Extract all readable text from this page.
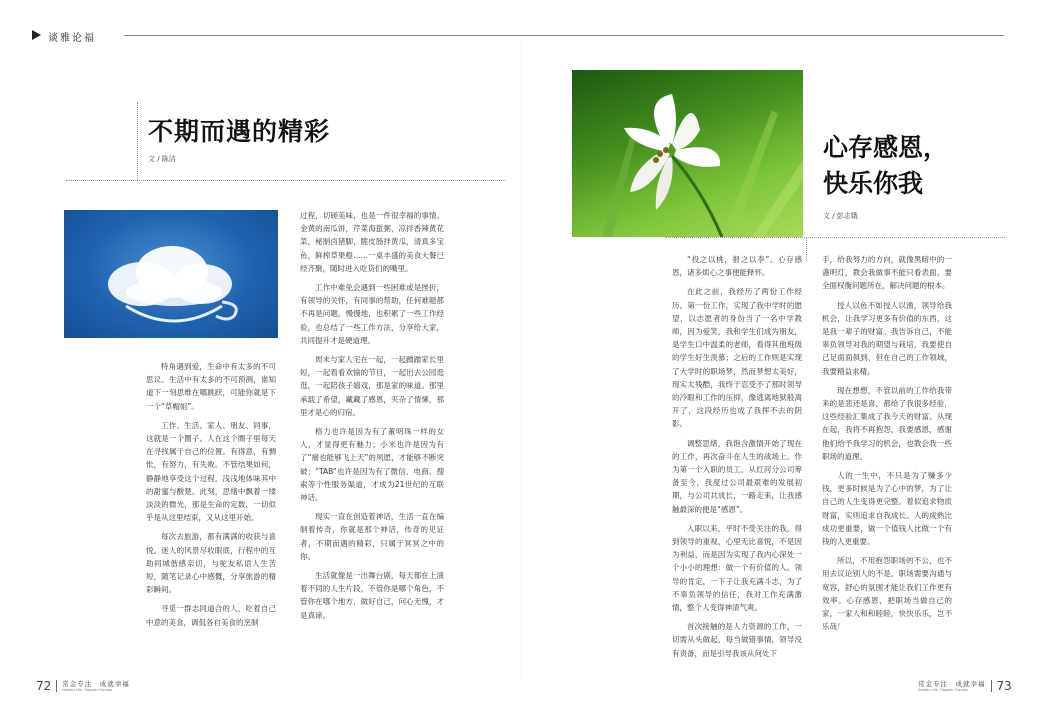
谈雅论福
不期而遇的精彩
文 / 陈洁

特角遇到爱，生命中有太多的不可思议。生活中有太多的不可预测，谁知道下一刻思维在哪跳跃，可能你就是下一个“草帽姐”。

工作、生活、家人、朋友、同事，这就是一个圈子。人在这个圈子里每天在寻找属于自己的位置。有得意，有惆怅，有努力，有失败。不管结果如何，静静地享受这个过程，浅浅地体味其中的甜蜜与酸楚。此刻，思绪中飘着一缕淡淡的微光，那是生命的定数，一切似乎是从这里结束，又从这里开始。

每次去旅游，都有满满的收获与喜悦。迷人的风景尽收眼底，行程中的互助同城偕感亲切，与驼友私语人生苦短，随笔记录心中感慨，分享旅游的精彩瞬间。

寻觅一群志同道合的人，吃着自己中意的美食，调侃各自美食的烹制

过程，切磋美味，也是一件很幸福的事情。金黄的南瓜饼，芹菜海蜇粥，凉拌香辣黄花菜，秘制卤猪脚，脆皮肠拌黄瓜，清真多宝鱼，鲜榨草果橙……一桌丰盛的美食大餐已经齐聚，随时进入吃货们的嘴里。

工作中难免会遇到一些困难或是挫折，有领导的关怀，有同事的帮助，任何难题都不再是问题。慢慢地，也积累了一些工作经验，也总结了一些工作方法，分享给大家，共同提升才是硬道理。

周末与家人宅在一起，一起蹭蹭家长里短，一起看看欢愉的节目，一起出去公园逛逛，一起陪孩子嬉戏，那是家的味道。那里承载了希望，藏藏了感恩，夹杂了情愫，那里才是心的归宿。

格力也许是因为有了董明珠一样的女人，才显得更有魅力；小米也许是因为有了“痛也能够飞上天”的夙愿，才能够不断突破；“TAB”也许是因为有了微信、电商、搜索等个性服务渠道，才成为21世纪的互联神话。

现实一直在创造着神话，生活一直在编制着传奇，你就是那个神话，传奇的见证者，不期而遇的精彩，只属于冥冥之中的你。

生活就像是一出舞台剧，每天都在上演着不同的人生片段，不管你是哪个角色，不管你在哪个地方，做好自己，问心无愧，才是真谛。

心存感恩，
快乐你我
文 / 彭志娥

“投之以桃，报之以李”。心存感恩，诸多烦心之事便能释怀。

在此之前，我经历了两份工作经历。第一份工作，实现了我中学时的愿望，以志愿者的身份当了一名中学教师，因为爱笑，我和学生们成为朋友，是学生口中温柔的老师，看得其他班级的学生好生羡慕；之后的工作则是实现了大学时的职场梦，然而梦想太美好，现实太残酷，我终于忍受不了那时领导的冷眼和工作的压抑，像逃离地狱般离开了，这段经历也成了我挥不去的阴影。

调整思绪，我饱含激情开始了现在的工作，再次奋斗在人生的战场上。作为第一个入职的员工，从红河分公司筹备至今，我度过公司最艰难的发展初期，与公司共成长，一路走来，让我感触最深的便是“感恩”。

入职以来，平时不受关注的我，得到领导的重视，心里无比喜悦，不是因为利益，而是因为实现了我内心深处一个小小的理想：做一个有价值的人。领导的肯定，一下子让我充满斗志，为了不辜负领导的信任，我对工作充满激情，整个人变得神清气爽。

首次接触的是人力资源的工作，一切需从头做起，每当做错事情，领导没有责备，而是引导我该从何处下

手，给我努力的方向，就像黑暗中的一盏明灯，教会我做事不能只看表面，要全面权衡问题所在，解决问题的根本。

授人以鱼不如授人以渔，领导给我机会，让我学习更多有价值的东西，这是我一辈子的财富。我告诉自己，不能辜负领导对我的期望与栽培，我要使自己足面面俱到，但在自己的工作领域，我要精益求精。

现在想想，不管以前的工作给我带来的是悲还是喜，都给了我很多经验，这些经验汇集成了我今天的财富。从现在起，我将不再抱怨，我要感恩，感谢他们给予我学习的机会，也教会我一些职场的道理。

人的一生中，不只是为了赚多少钱，更多时候是为了心中的梦，为了让自己的人生变得更完整。着似追求物质财富，实则追求自我成长。人的成熟比成功更重要，做一个值钱人比做一个有钱的人更重要。

所以，不用抱怨职场的不公，也不用去议论别人的不是，职场需要沟通与宽容，舒心的氛围才能让我们工作更有效率。心存感恩，把职场当做自己的家，一家人和和睦睦，快快乐乐，岂不乐哉！

72 常金专注　成就幸福
Golden Life, Happier Futures
常金专注　成就幸福
Golden Life, Happier Futures	73
